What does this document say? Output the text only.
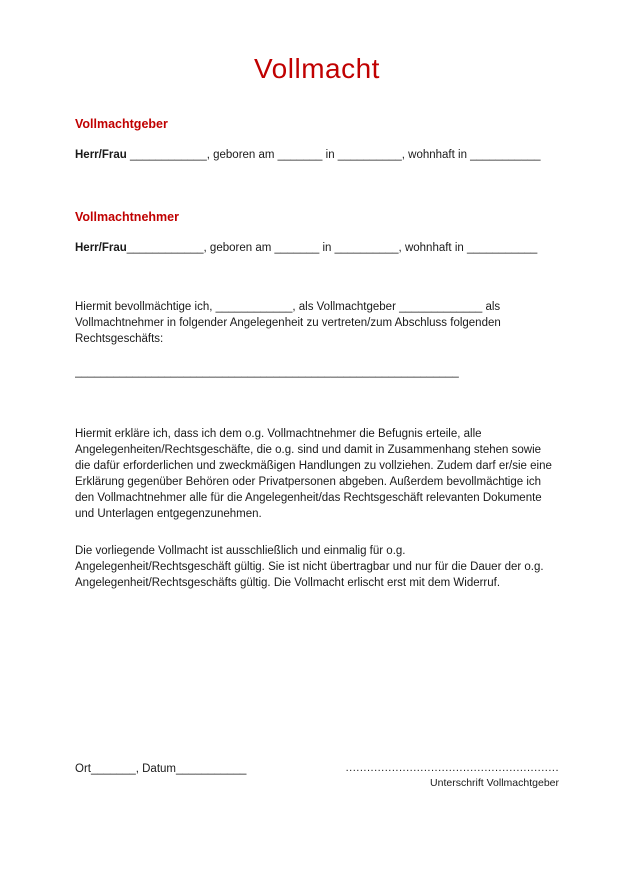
Vollmacht
Vollmachtgeber

Herr/Frau ____________, geboren am _______ in __________, wohnhaft in ___________

Vollmachtnehmer

Herr/Frau____________, geboren am _______ in __________, wohnhaft in ___________

Hiermit bevollmächtige ich, ____________, als Vollmachtgeber _____________ als Vollmachtnehmer in folgender Angelegenheit zu vertreten/zum Abschluss folgenden Rechtsgeschäfts:

____________________________________________________________

Hiermit erkläre ich, dass ich dem o.g. Vollmachtnehmer die Befugnis erteile, alle Angelegenheiten/Rechtsgeschäfte, die o.g. sind und damit in Zusammenhang stehen sowie die dafür erforderlichen und zweckmäßigen Handlungen zu vollziehen. Zudem darf er/sie eine Erklärung gegenüber Behören oder Privatpersonen abgeben. Außerdem bevollmächtige ich den Vollmachtnehmer alle für die Angelegenheit/das Rechtsgeschäft relevanten Dokumente und Unterlagen entgegenzunehmen.

Die vorliegende Vollmacht ist ausschließlich und einmalig für o.g. Angelegenheit/Rechtsgeschäft gültig. Sie ist nicht übertragbar und nur für die Dauer der o.g. Angelegenheit/Rechtsgeschäfts gültig. Die Vollmacht erlischt erst mit dem Widerruf.

Ort_______, Datum___________	............................................................
Unterschrift Vollmachtgeber
